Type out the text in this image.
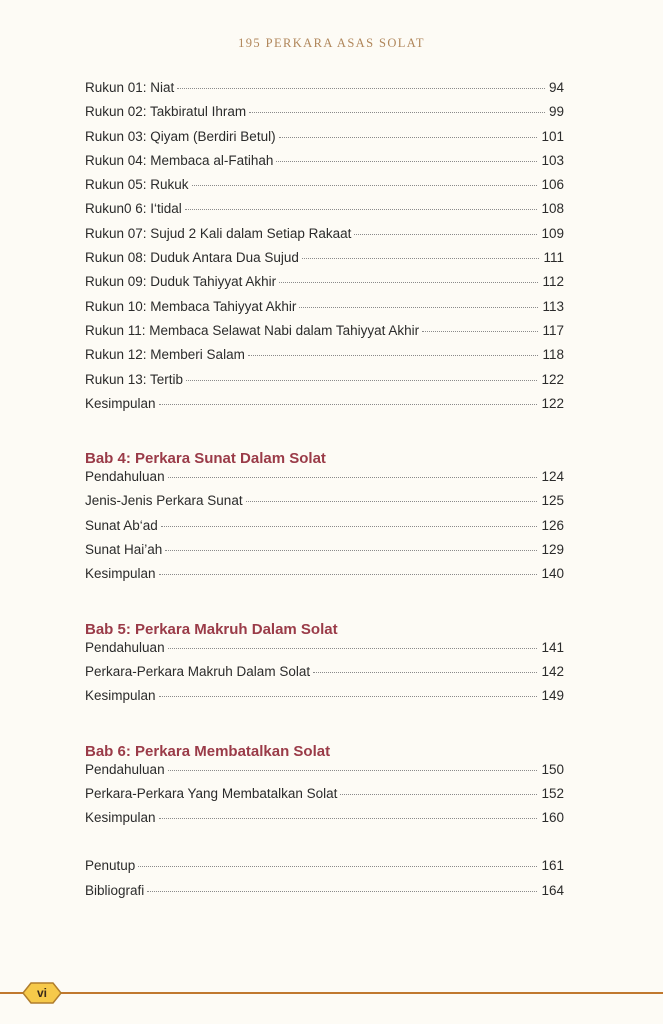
195 PERKARA ASAS SOLAT
Rukun 01: Niat	94
Rukun 02: Takbiratul Ihram	99
Rukun 03: Qiyam (Berdiri Betul)	101
Rukun 04: Membaca al-Fatihah	103
Rukun 05: Rukuk	106
Rukun0 6: I‘tidal	108
Rukun 07: Sujud 2 Kali dalam Setiap Rakaat	109
Rukun 08: Duduk Antara Dua Sujud	111
Rukun 09: Duduk Tahiyyat Akhir	112
Rukun 10: Membaca Tahiyyat Akhir	113
Rukun 11: Membaca Selawat Nabi dalam Tahiyyat Akhir	117
Rukun 12: Memberi Salam	118
Rukun 13: Tertib	122
Kesimpulan	122
Bab 4: Perkara Sunat Dalam Solat
Pendahuluan	124
Jenis-Jenis Perkara Sunat	125
Sunat Ab‘ad	126
Sunat Hai’ah	129
Kesimpulan	140
Bab 5: Perkara Makruh Dalam Solat
Pendahuluan	141
Perkara-Perkara Makruh Dalam Solat	142
Kesimpulan	149
Bab 6: Perkara Membatalkan Solat
Pendahuluan	150
Perkara-Perkara Yang Membatalkan Solat	152
Kesimpulan	160
Penutup	161
Bibliografi	164
vi
